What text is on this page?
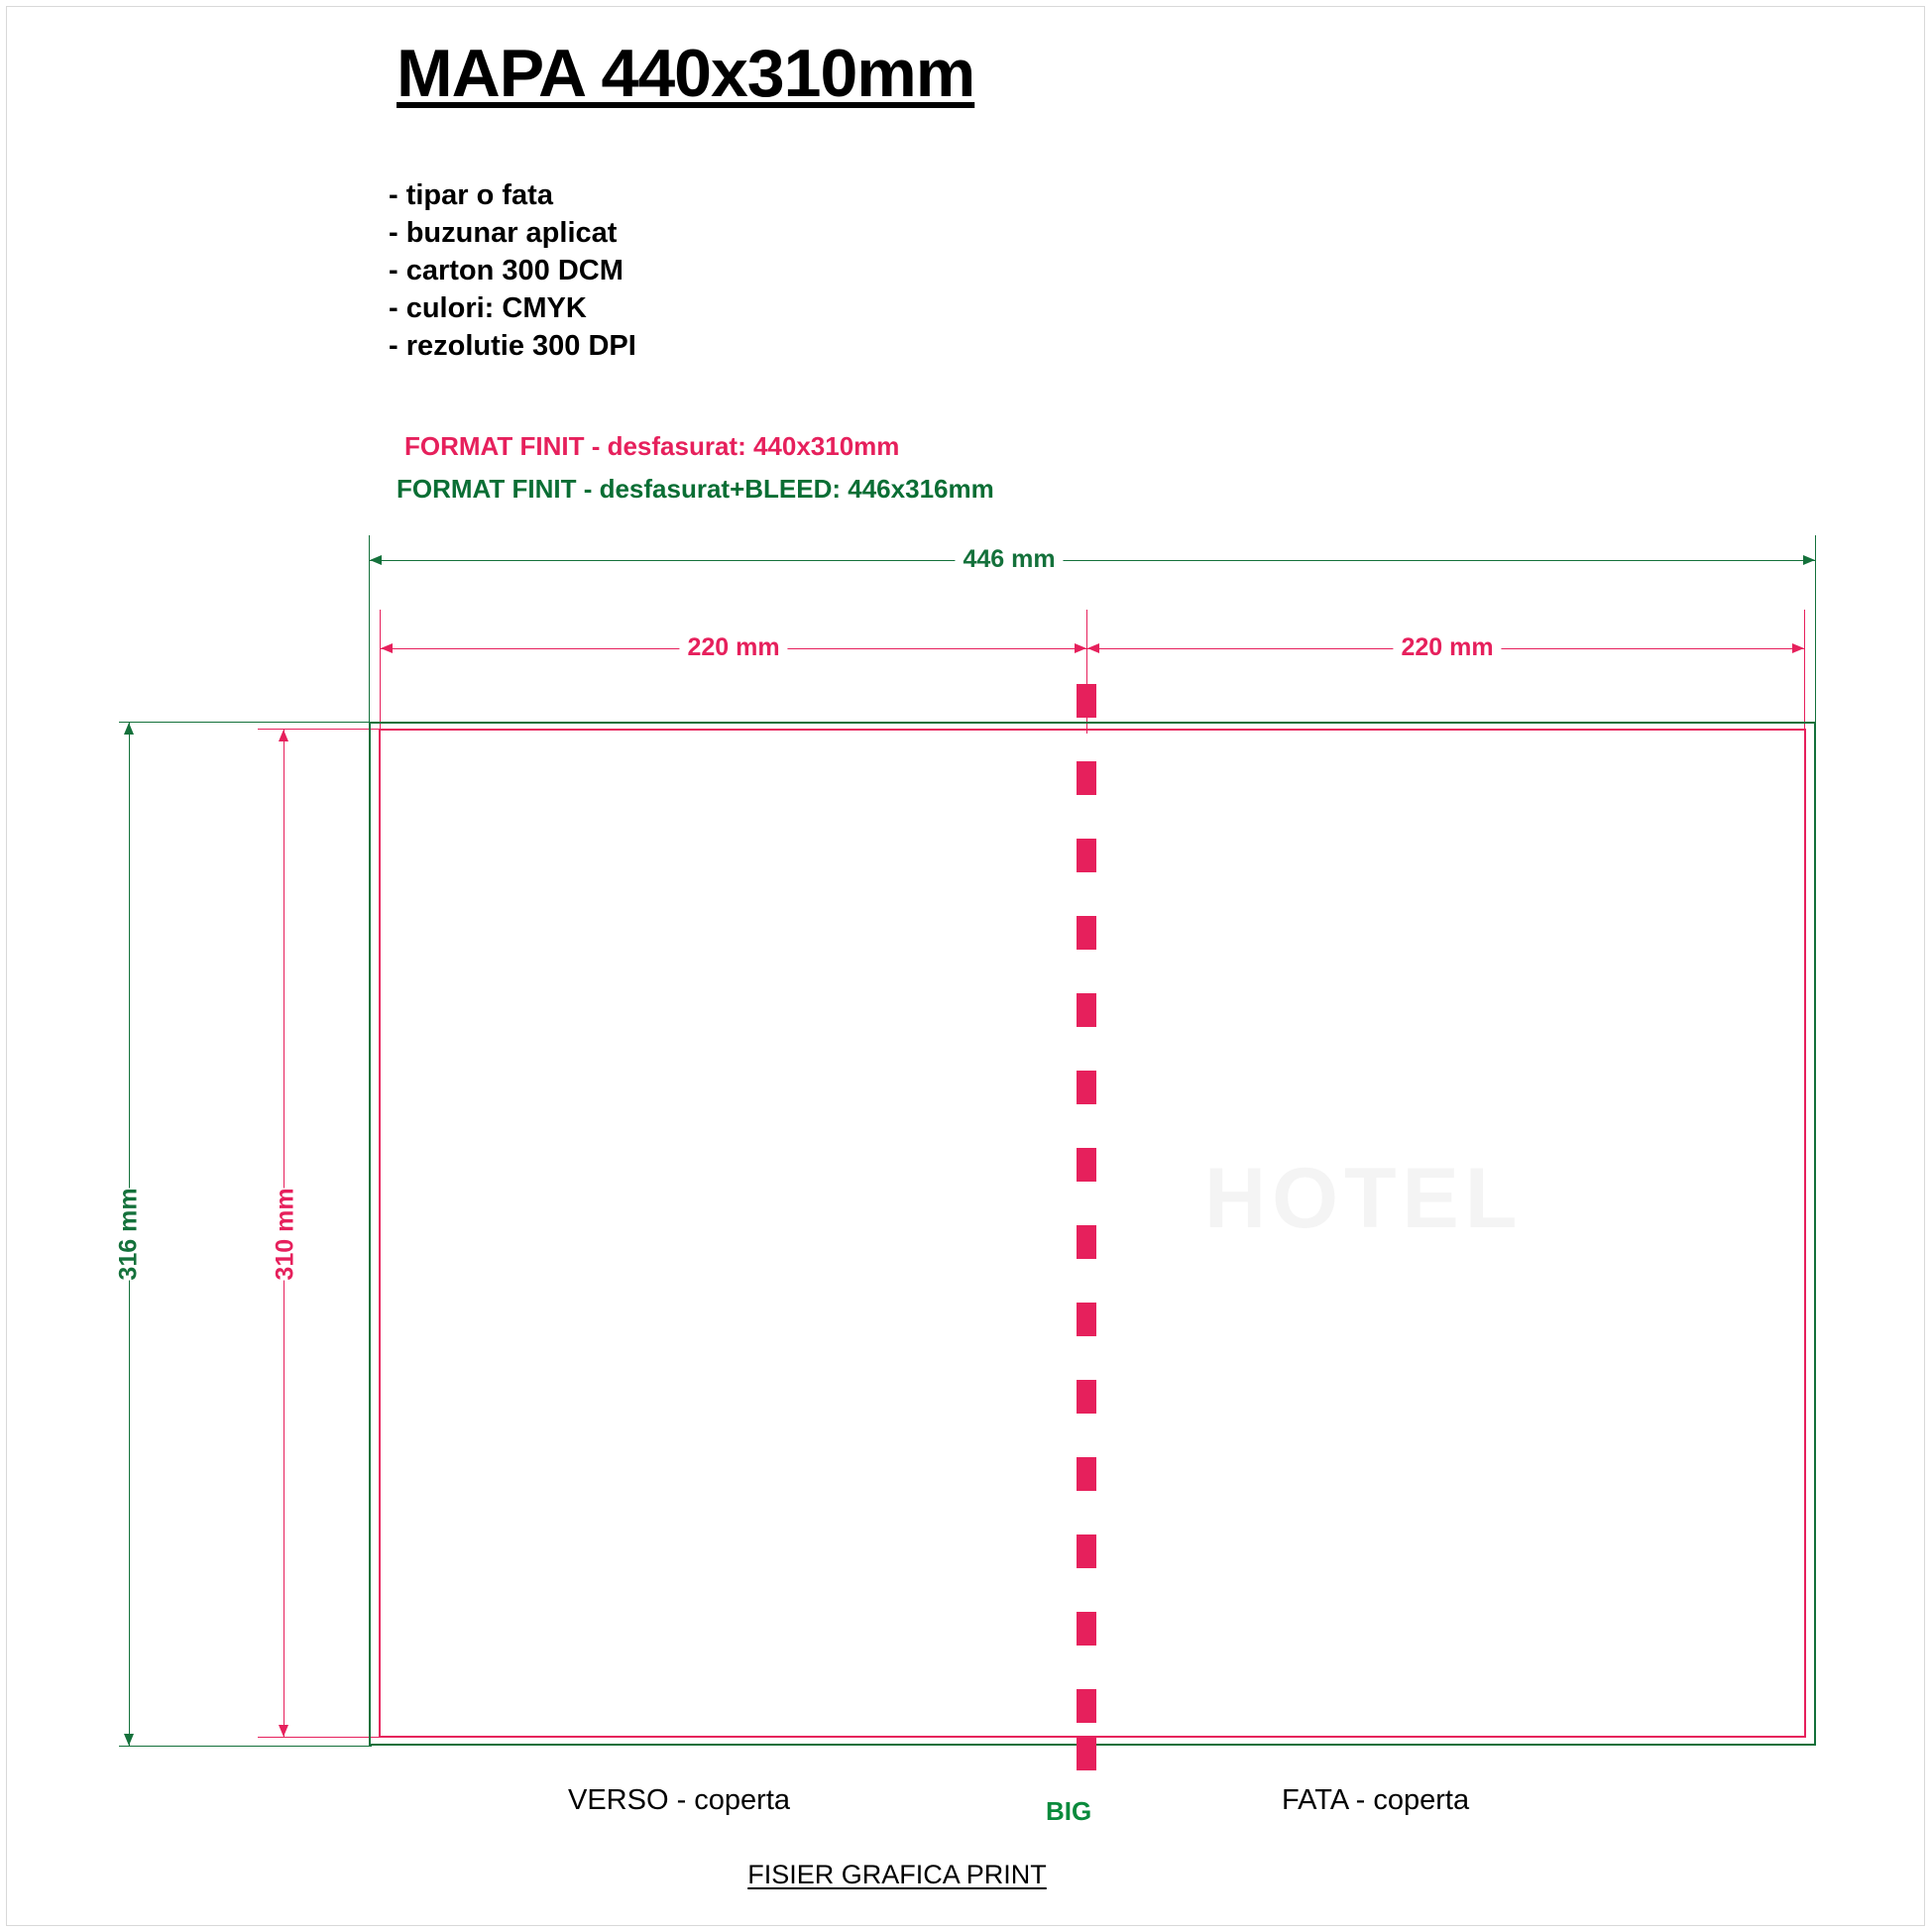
MAPA 440x310mm
- tipar o fata
- buzunar aplicat
- carton 300 DCM
- culori: CMYK
- rezolutie 300 DPI
FORMAT FINIT - desfasurat: 440x310mm
FORMAT FINIT - desfasurat+BLEED: 446x316mm
446 mm
220 mm	220 mm
316 mm	310 mm	HOTEL
VERSO - coperta	BIG	FATA - coperta
FISIER GRAFICA PRINT
